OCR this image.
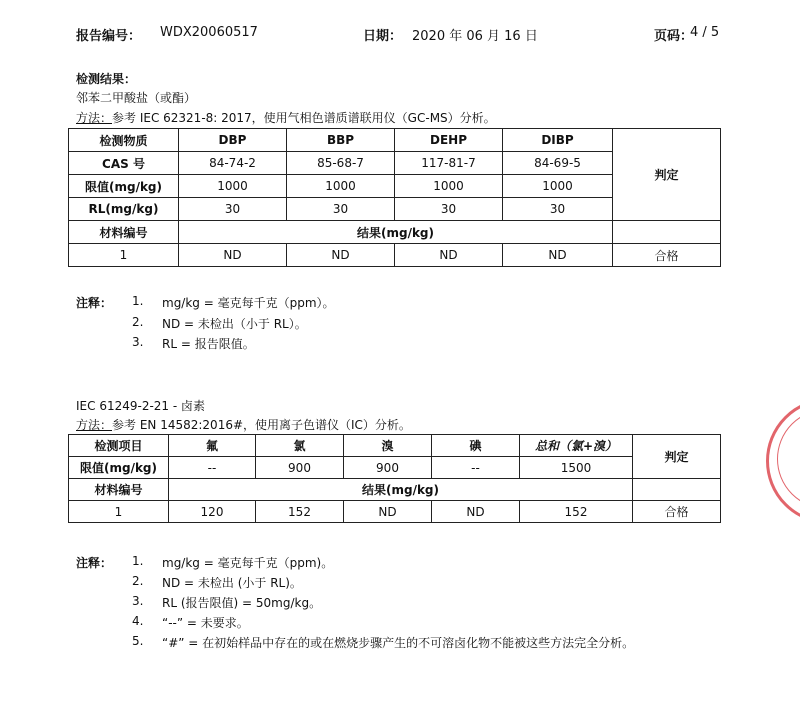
报告编号： WDX20060517	日期： 2020 年 06 月 16 日	页码：
4 / 5
检测结果：
邻苯二甲酸盐（或酯）
方法：参考 IEC 62321-8: 2017，使用气相色谱质谱联用仪（GC-MS）分析。
检测物质	DBP	BBP	DEHP	DIBP	判定
CAS 号	84-74-2	85-68-7	117-81-7	84-69-5	
限值(mg/kg)	1000	1000	1000	1000	
RL(mg/kg)	30	30	30	30	
材料编号	结果(mg/kg)				
1	ND	ND	ND	ND	合格
注释： 1. mg/kg = 毫克每千克（ppm）。
2. ND = 未检出（小于 RL）。
3. RL = 报告限值。
IEC 61249-2-21 - 卤素
方法：参考 EN 14582:2016#，使用离子色谱仪（IC）分析。
检测项目	氟	氯	溴	碘	总和（氯+溴）	判定
限值(mg/kg)	--	900	900	--	1500	
材料编号	结果(mg/kg)					
1	120	152	ND	ND	152	合格
注释： 1. mg/kg = 毫克每千克（ppm)。
2. ND = 未检出 (小于 RL)。
3. RL (报告限值) = 50mg/kg。
4. “--” = 未要求。
5. “#” = 在初始样品中存在的或在燃烧步骤产生的不可溶卤化物不能被这些方法完全分析。
